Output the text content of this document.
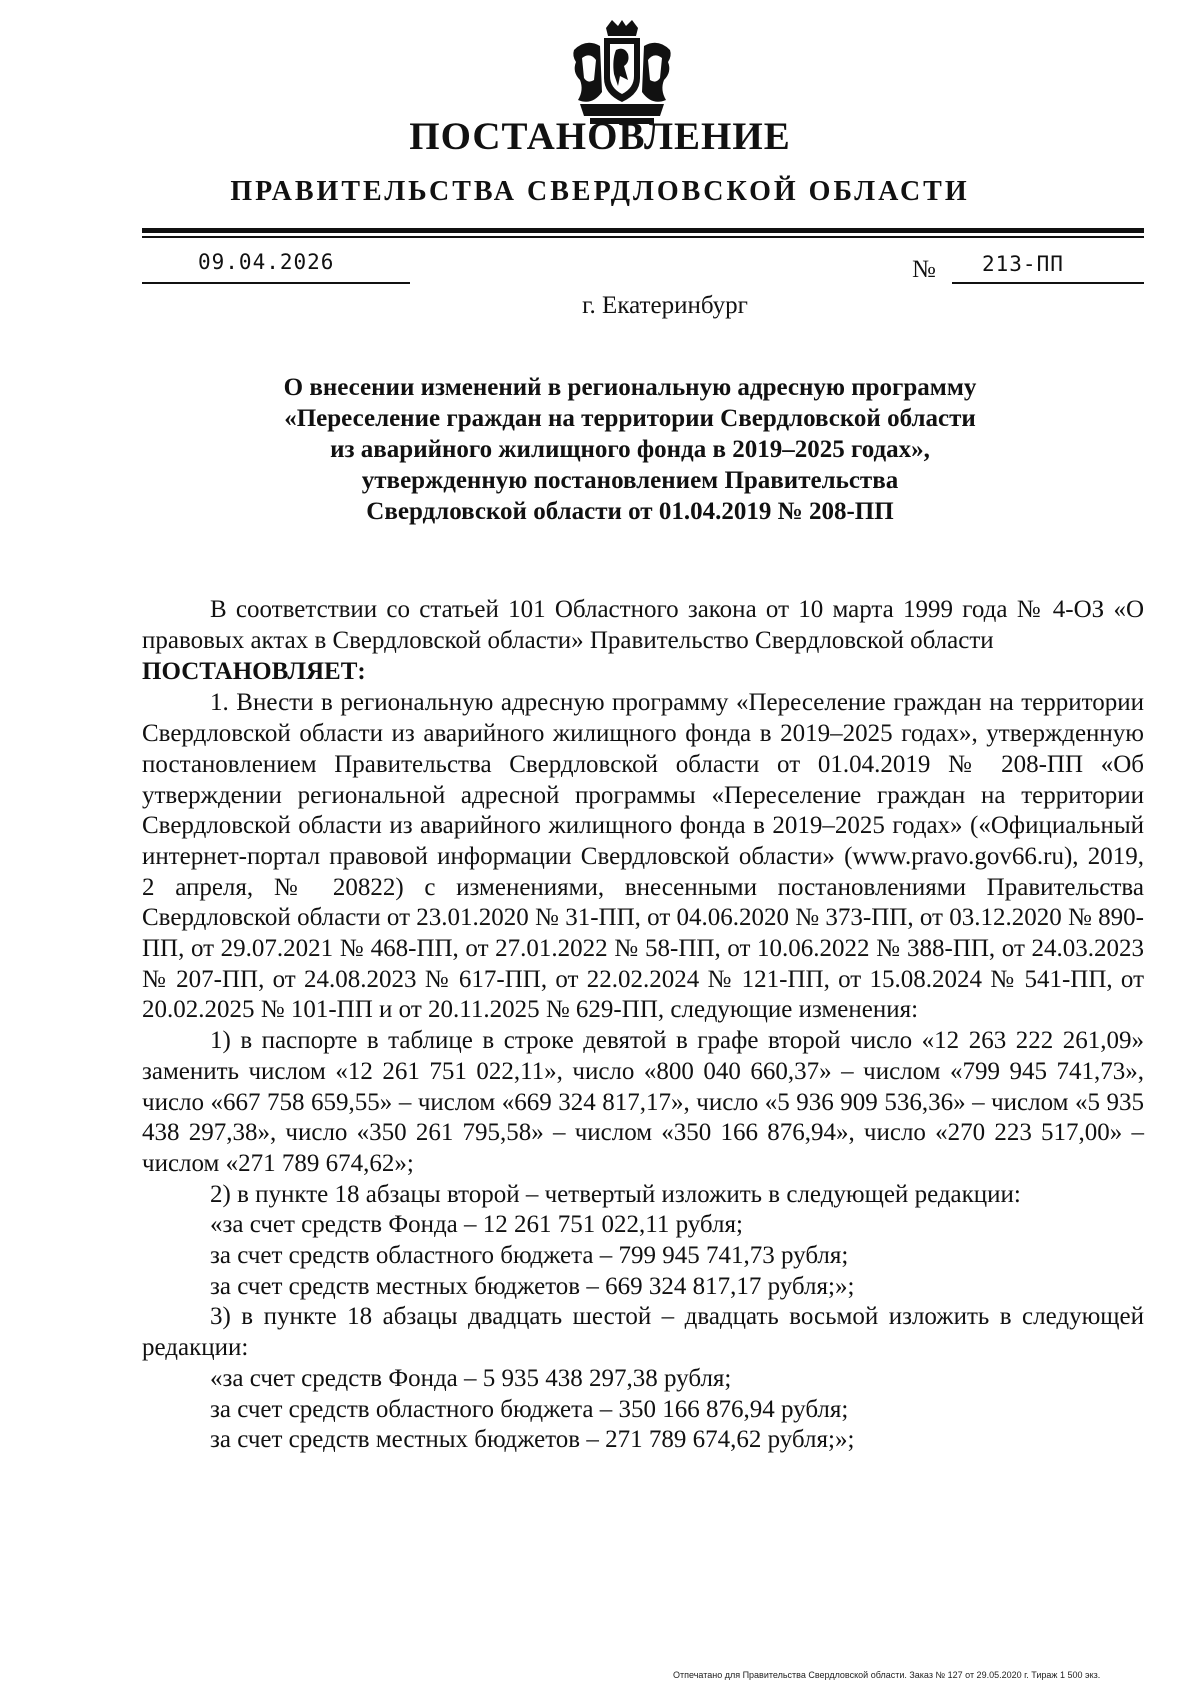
ПОСТАНОВЛЕНИЕ
ПРАВИТЕЛЬСТВА СВЕРДЛОВСКОЙ ОБЛАСТИ
09.04.2026	№ 213-ПП
г. Екатеринбург
О внесении изменений в региональную адресную программу
«Переселение граждан на территории Свердловской области
из аварийного жилищного фонда в 2019–2025 годах»,
утвержденную постановлением Правительства
Свердловской области от 01.04.2019 № 208-ПП

В соответствии со статьей 101 Областного закона от 10 марта 1999 года № 4-ОЗ «О правовых актах в Свердловской области» Правительство Свердловской области

ПОСТАНОВЛЯЕТ:

1. Внести в региональную адресную программу «Переселение граждан на территории Свердловской области из аварийного жилищного фонда в 2019–2025 годах», утвержденную постановлением Правительства Свердловской области от 01.04.2019 № 208-ПП «Об утверждении региональной адресной программы «Переселение граждан на территории Свердловской области из аварийного жилищного фонда в 2019–2025 годах» («Официальный интернет-портал правовой информации Свердловской области» (www.pravo.gov66.ru), 2019, 2 апреля, № 20822) с изменениями, внесенными постановлениями Правительства Свердловской области от 23.01.2020 № 31-ПП, от 04.06.2020 № 373-ПП, от 03.12.2020 № 890-ПП, от 29.07.2021 № 468-ПП, от 27.01.2022 № 58-ПП, от 10.06.2022 № 388-ПП, от 24.03.2023 № 207-ПП, от 24.08.2023 № 617-ПП, от 22.02.2024 № 121-ПП, от 15.08.2024 № 541-ПП, от 20.02.2025 № 101-ПП и от 20.11.2025 № 629-ПП, следующие изменения:

1) в паспорте в таблице в строке девятой в графе второй число «12 263 222 261,09» заменить числом «12 261 751 022,11», число «800 040 660,37» – числом «799 945 741,73», число «667 758 659,55» – числом «669 324 817,17», число «5 936 909 536,36» – числом «5 935 438 297,38», число «350 261 795,58» – числом «350 166 876,94», число «270 223 517,00» – числом «271 789 674,62»;

2) в пункте 18 абзацы второй – четвертый изложить в следующей редакции:

«за счет средств Фонда – 12 261 751 022,11 рубля;

за счет средств областного бюджета – 799 945 741,73 рубля;

за счет средств местных бюджетов – 669 324 817,17 рубля;»;

3) в пункте 18 абзацы двадцать шестой – двадцать восьмой изложить в следующей редакции:

«за счет средств Фонда – 5 935 438 297,38 рубля;

за счет средств областного бюджета – 350 166 876,94 рубля;

за счет средств местных бюджетов – 271 789 674,62 рубля;»;

Отпечатано для Правительства Свердловской области. Заказ № 127 от 29.05.2020 г. Тираж 1 500 экз.
